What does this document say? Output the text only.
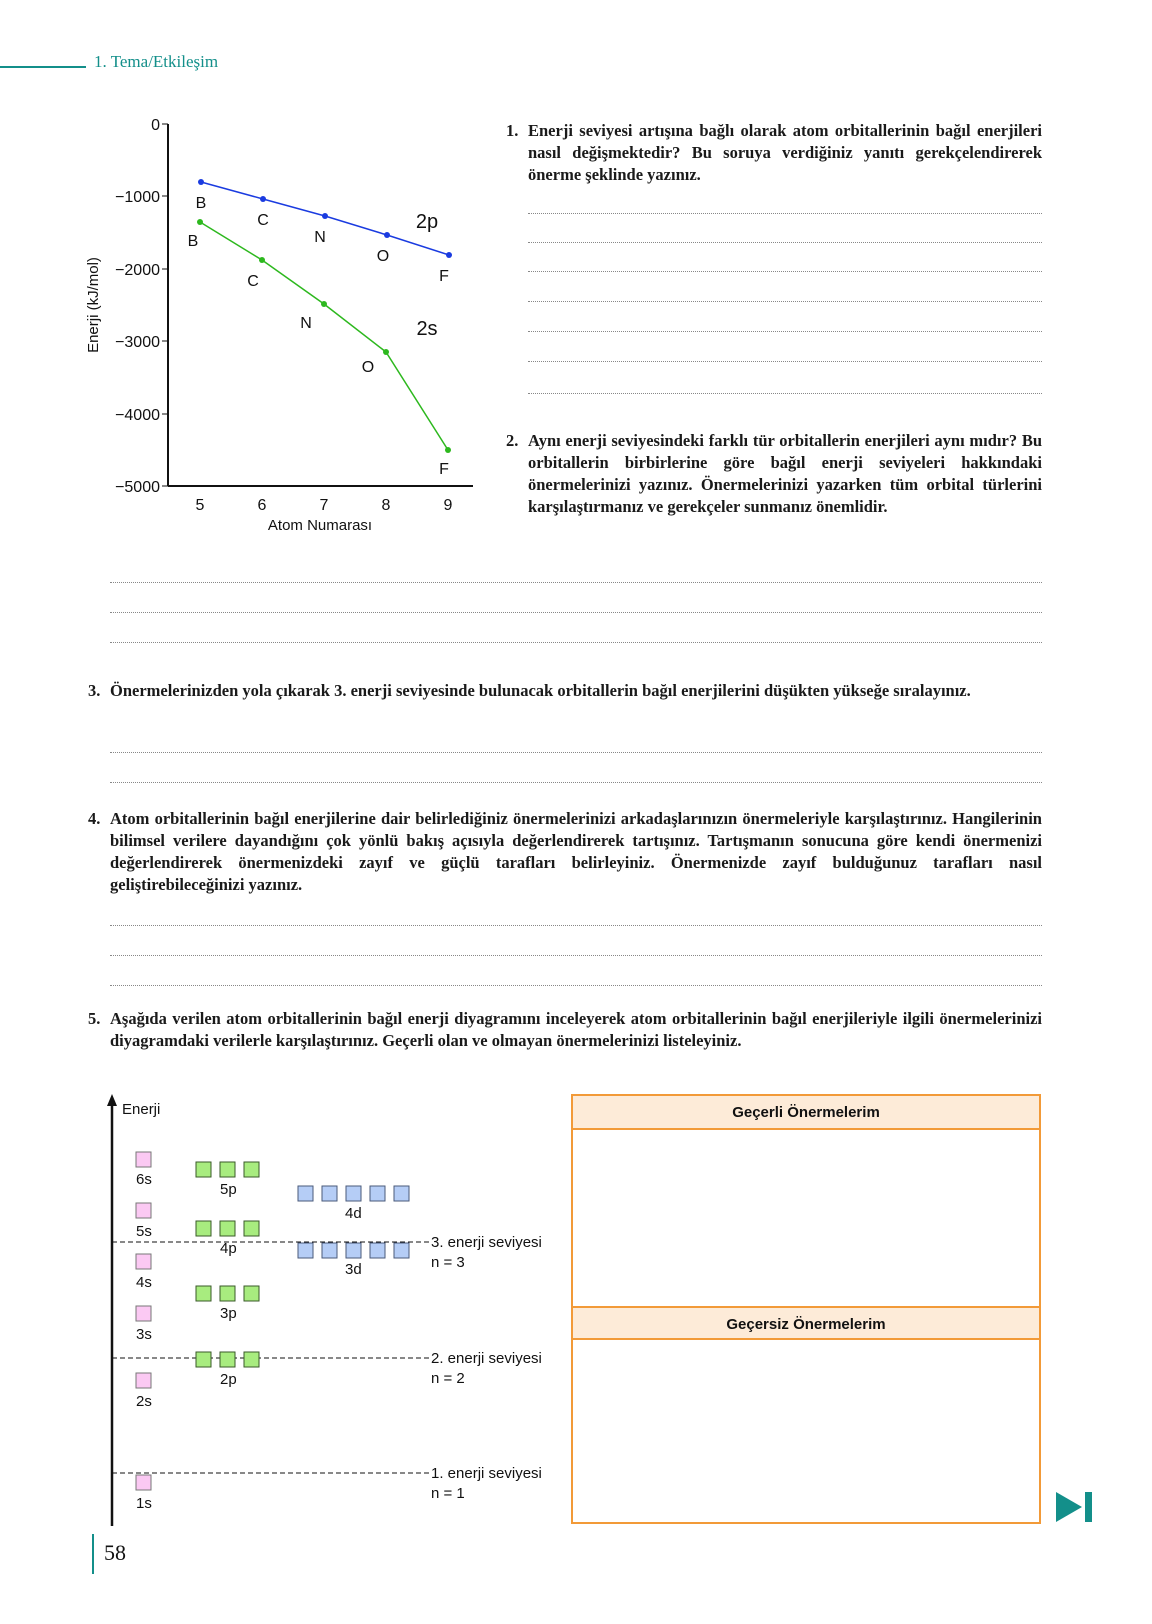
1. Tema/Etkileşim
0
−1000
−2000
−3000
−4000
−5000
5	6	7	8	9
Atom Numarası
Enerji (kJ/mol)
B
C
N
O
F
2p
B
C
N
O
F
2s
1. Enerji seviyesi artışına bağlı olarak atom orbitallerinin bağıl enerjileri nasıl değişmektedir? Bu soruya verdiğiniz yanıtı gerekçelendirerek önerme şeklinde yazınız.
2. Aynı enerji seviyesindeki farklı tür orbitallerin enerjileri aynı mıdır? Bu orbitallerin birbirlerine göre bağıl enerji seviyeleri hakkındaki önermelerinizi yazınız. Önermelerinizi yazarken tüm orbital türlerini karşılaştırmanız ve gerekçeler sunmanız önemlidir.
3. Önermelerinizden yola çıkarak 3. enerji seviyesinde bulunacak orbitallerin bağıl enerjilerini düşükten yükseğe sıralayınız.
4. Atom orbitallerinin bağıl enerjilerine dair belirlediğiniz önermelerinizi arkadaşlarınızın önermeleriyle karşılaştırınız. Hangilerinin bilimsel verilere dayandığını çok yönlü bakış açısıyla değerlendirerek tartışınız. Tartışmanın sonucuna göre kendi önermenizi değerlendirerek önermenizdeki zayıf ve güçlü tarafları belirleyiniz. Önermenizde zayıf bulduğunuz tarafları nasıl geliştirebileceğinizi yazınız.
5. Aşağıda verilen atom orbitallerinin bağıl enerji diyagramını inceleyerek atom orbitallerinin bağıl enerjileriyle ilgili önermelerinizi diyagramdaki verilerle karşılaştırınız. Geçerli olan ve olmayan önermelerinizi listeleyiniz.
Enerji
3. enerji seviyesi
n = 3
2. enerji seviyesi
n = 2
1. enerji seviyesi
n = 1
6s
5s
4s
3s
2s
1s
5p
4p
3p
2p
4d
3d
Geçerli Önermelerim
Geçersiz Önermelerim
58
